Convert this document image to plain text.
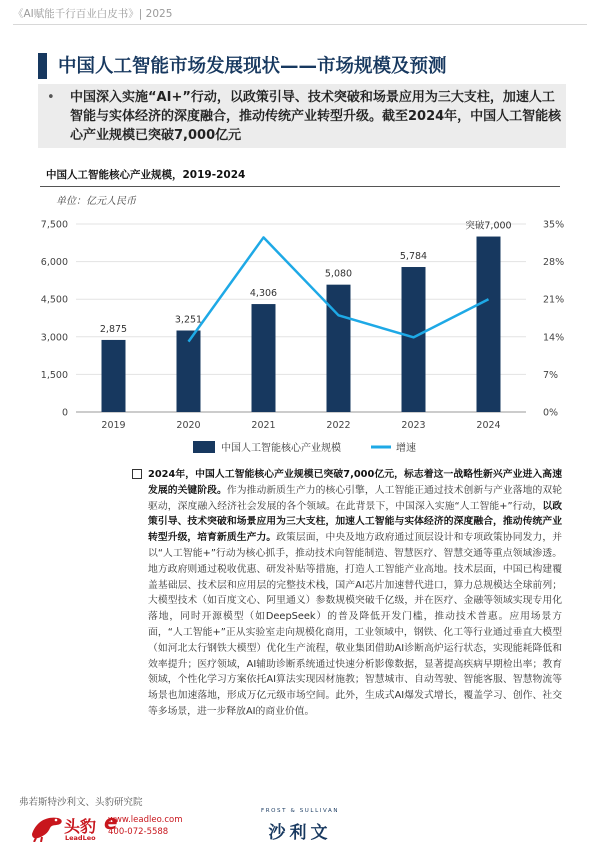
《AI赋能千行百业白皮书》| 2025
中国人工智能市场发展现状——市场规模及预测
• 中国深入实施“AI+”行动，以政策引导、技术突破和场景应用为三大支柱，加速人工智能与实体经济的深度融合，推动传统产业转型升级。截至2024年，中国人工智能核心产业规模已突破7,000亿元
中国人工智能核心产业规模，2019-2024
单位：亿元人民币
0
1,500
3,000
4,500
6,000
7,500
0%
7%
14%
21%
28%
35%
2019
2,875
2020
3,251
2021
4,306
2022
5,080
2023
5,784
2024
突破7,000
中国人工智能核心产业规模	增速
2024年，中国人工智能核心产业规模已突破7,000亿元，标志着这一战略性新兴产业进入高速发展的关键阶段。作为推动新质生产力的核心引擎，人工智能正通过技术创新与产业落地的双轮驱动，深度融入经济社会发展的各个领域。在此背景下，中国深入实施“人工智能+”行动，以政策引导、技术突破和场景应用为三大支柱，加速人工智能与实体经济的深度融合，推动传统产业转型升级，培育新质生产力。政策层面，中央及地方政府通过顶层设计和专项政策协同发力，并以“人工智能+”行动为核心抓手，推动技术向智能制造、智慧医疗、智慧交通等重点领域渗透。地方政府则通过税收优惠、研发补贴等措施，打造人工智能产业高地。技术层面，中国已构建覆盖基础层、技术层和应用层的完整技术栈，国产AI芯片加速替代进口，算力总规模达全球前列；大模型技术（如百度文心、阿里通义）参数规模突破千亿级，并在医疗、金融等领域实现专用化落地，同时开源模型（如DeepSeek）的普及降低开发门槛，推动技术普惠。应用场景方面，“人工智能+”正从实验室走向规模化商用，工业领域中，钢铁、化工等行业通过垂直大模型（如河北太行钢铁大模型）优化生产流程，敬业集团借助AI诊断高炉运行状态，实现能耗降低和效率提升；医疗领域，AI辅助诊断系统通过快速分析影像数据，显著提高疾病早期检出率；教育领域，个性化学习方案依托AI算法实现因材施教；智慧城市、自动驾驶、智能客服、智慧物流等场景也加速落地，形成万亿元级市场空间。此外，生成式AI爆发式增长，覆盖学习、创作、社交等多场景，进一步释放AI的商业价值。
弗若斯特沙利文、头豹研究院
头豹
LeadLeo
e
www.leadleo.com
400-072-5588
FROST & SULLIVAN
沙利文
